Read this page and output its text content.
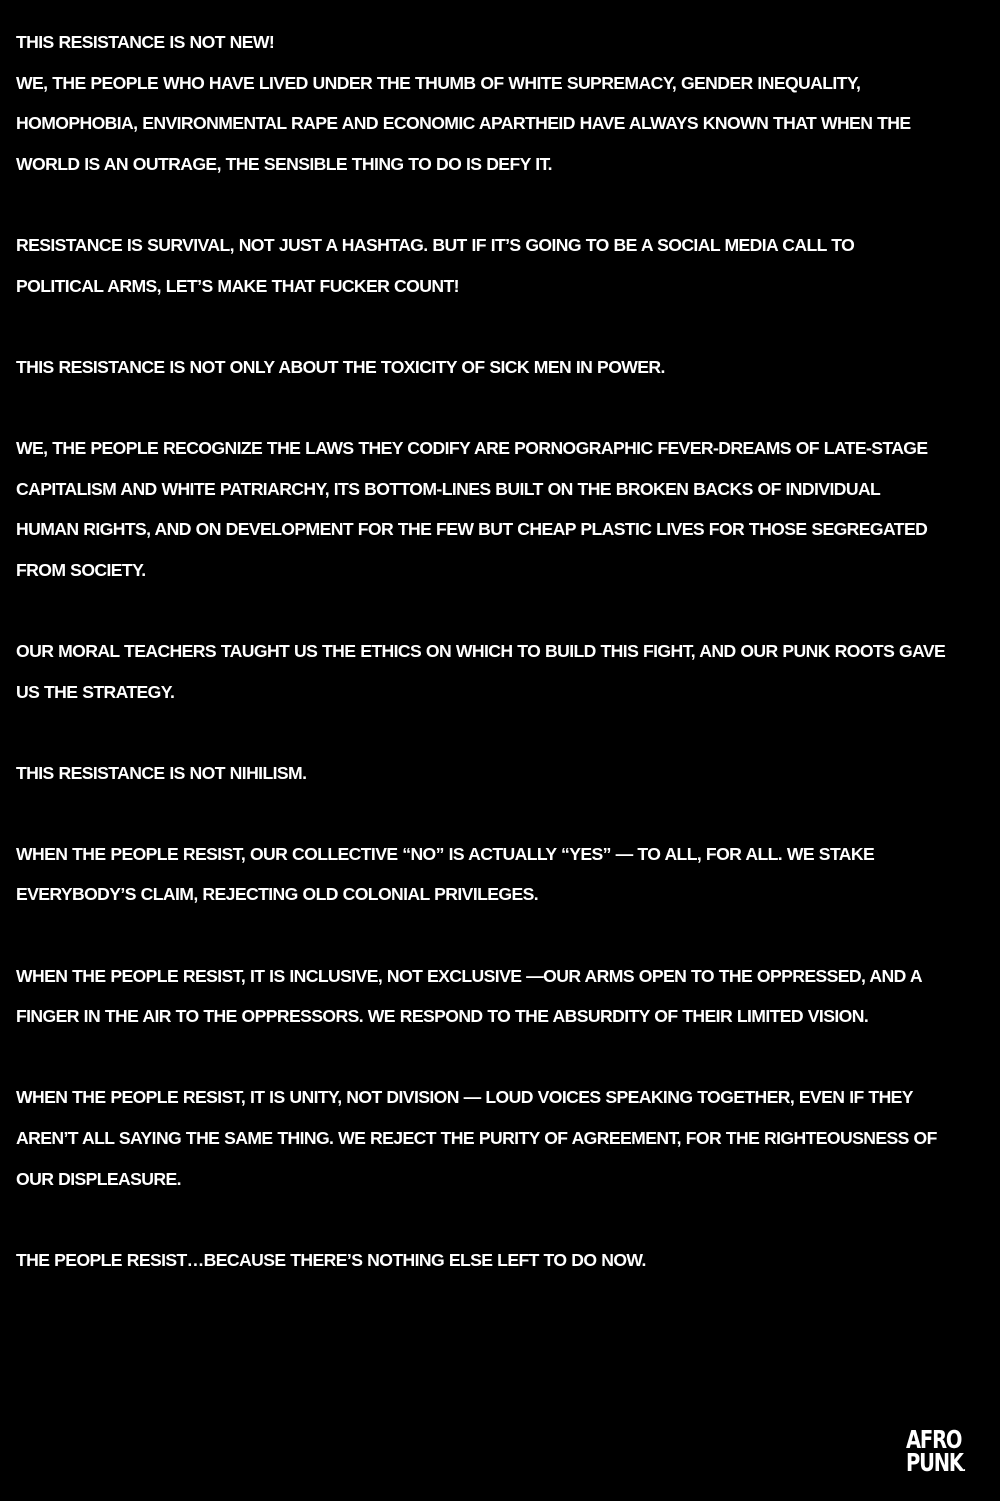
THIS RESISTANCE IS NOT NEW!

WE, THE PEOPLE WHO HAVE LIVED UNDER THE THUMB OF WHITE SUPREMACY, GENDER INEQUALITY, HOMOPHOBIA, ENVIRONMENTAL RAPE AND ECONOMIC APARTHEID HAVE ALWAYS KNOWN THAT WHEN THE WORLD IS AN OUTRAGE, THE SENSIBLE THING TO DO IS DEFY IT.

RESISTANCE IS SURVIVAL, NOT JUST A HASHTAG. BUT IF IT’S GOING TO BE A SOCIAL MEDIA CALL TO POLITICAL ARMS, LET’S MAKE THAT FUCKER COUNT!

THIS RESISTANCE IS NOT ONLY ABOUT THE TOXICITY OF SICK MEN IN POWER.

WE, THE PEOPLE RECOGNIZE THE LAWS THEY CODIFY ARE PORNOGRAPHIC FEVER-DREAMS OF LATE-STAGE CAPITALISM AND WHITE PATRIARCHY, ITS BOTTOM-LINES BUILT ON THE BROKEN BACKS OF INDIVIDUAL HUMAN RIGHTS, AND ON DEVELOPMENT FOR THE FEW BUT CHEAP PLASTIC LIVES FOR THOSE SEGREGATED FROM SOCIETY.

OUR MORAL TEACHERS TAUGHT US THE ETHICS ON WHICH TO BUILD THIS FIGHT, AND OUR PUNK ROOTS GAVE US THE STRATEGY.

THIS RESISTANCE IS NOT NIHILISM.

WHEN THE PEOPLE RESIST, OUR COLLECTIVE “NO” IS ACTUALLY “YES” — TO ALL, FOR ALL. WE STAKE EVERYBODY’S CLAIM, REJECTING OLD COLONIAL PRIVILEGES.

WHEN THE PEOPLE RESIST, IT IS INCLUSIVE, NOT EXCLUSIVE —OUR ARMS OPEN TO THE OPPRESSED, AND A FINGER IN THE AIR TO THE OPPRESSORS. WE RESPOND TO THE ABSURDITY OF THEIR LIMITED VISION.

WHEN THE PEOPLE RESIST, IT IS UNITY, NOT DIVISION — LOUD VOICES SPEAKING TOGETHER, EVEN IF THEY AREN’T ALL SAYING THE SAME THING. WE REJECT THE PURITY OF AGREEMENT, FOR THE RIGHTEOUSNESS OF OUR DISPLEASURE.

THE PEOPLE RESIST…BECAUSE THERE’S NOTHING ELSE LEFT TO DO NOW.

AFRO
PUNK.
